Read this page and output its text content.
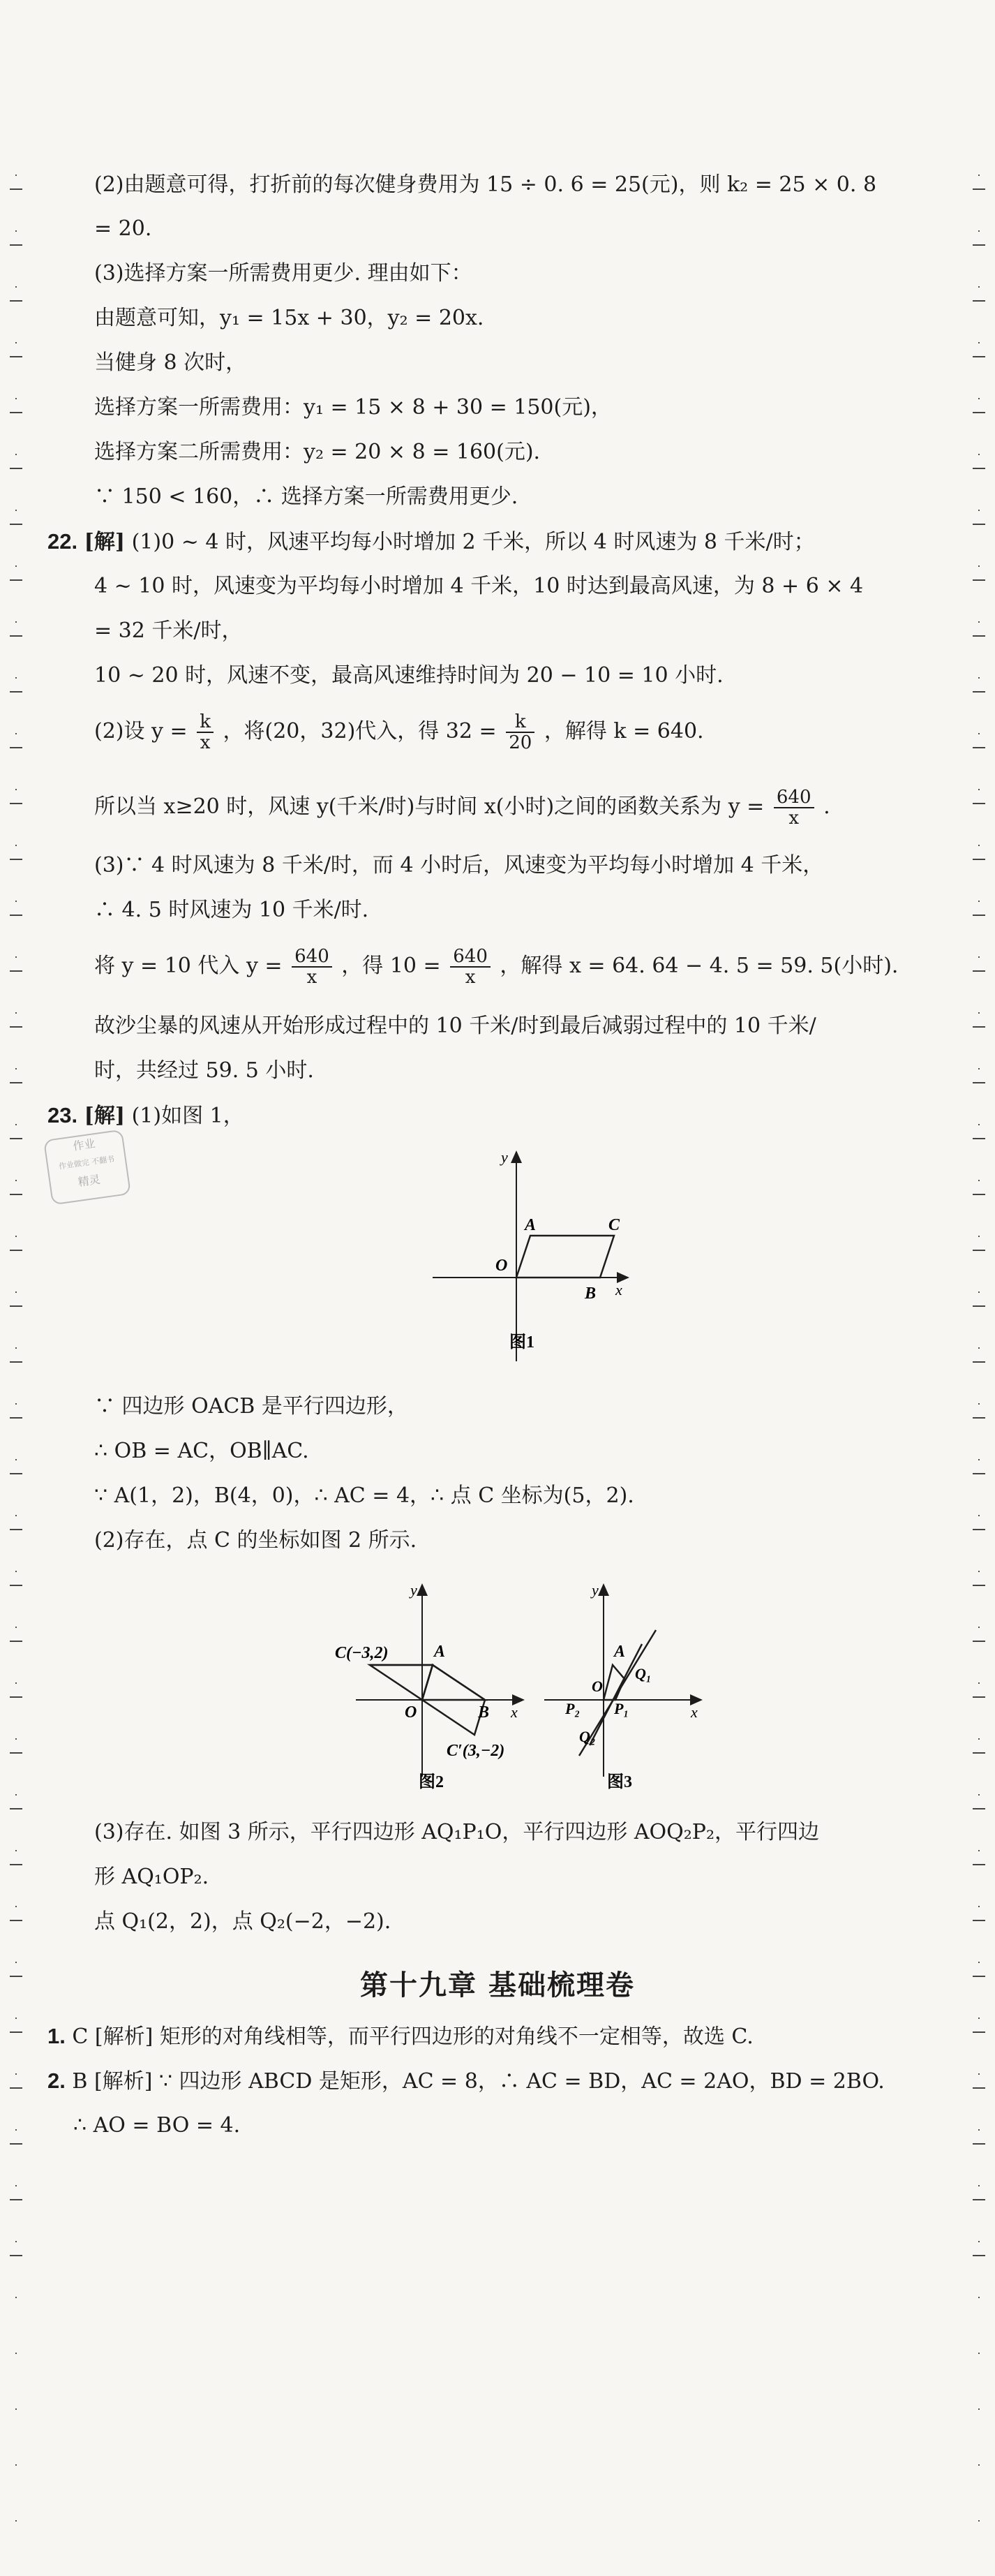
(2)由题意可得，打折前的每次健身费用为 15 ÷ 0. 6 = 25(元)，则 k₂ = 25 × 0. 8
= 20.
(3)选择方案一所需费用更少. 理由如下：
由题意可知，y₁ = 15x + 30，y₂ = 20x.
当健身 8 次时，
选择方案一所需费用：y₁ = 15 × 8 + 30 = 150(元)，
选择方案二所需费用：y₂ = 20 × 8 = 160(元).
∵ 150 < 160，∴ 选择方案一所需费用更少.
22. [解] (1)0 ~ 4 时，风速平均每小时增加 2 千米，所以 4 时风速为 8 千米/时；
4 ~ 10 时，风速变为平均每小时增加 4 千米，10 时达到最高风速，为 8 + 6 × 4
= 32 千米/时，
10 ~ 20 时，风速不变，最高风速维持时间为 20 − 10 = 10 小时.
(2)设 $y = \frac{k}{x}$ ，将(20，32)代入，得 $32 = \frac{k}{20}$ ，解得 k = 640.
所以当 x≥20 时，风速 y(千米/时)与时间 x(小时)之间的函数关系为 $y = \frac{640}{x}$ .
(3)∵ 4 时风速为 8 千米/时，而 4 小时后，风速变为平均每小时增加 4 千米，
∴ 4. 5 时风速为 10 千米/时.
将 y = 10 代入 $y = \frac{640}{x}$ ，得 $10 = \frac{640}{x}$ ，解得 x = 64. 64 − 4. 5 = 59. 5(小时).
故沙尘暴的风速从开始形成过程中的 10 千米/时到最后减弱过程中的 10 千米/
时，共经过 59. 5 小时.
23. [解] (1)如图 1，
作业
作业做完 不翻书
精灵
y
x
O
A	C
B
图1
∵ 四边形 OACB 是平行四边形，
∴ OB = AC，OB∥AC.
∵ A(1，2)，B(4，0)，∴ AC = 4，∴ 点 C 坐标为(5，2).
(2)存在，点 C 的坐标如图 2 所示.
y
x
C(−3,2)	A
O	B
C′(3,−2)
图2
y
x
A
Q₁
O
P₂ P₁
Q₂
图3
(3)存在. 如图 3 所示，平行四边形 AQ₁P₁O，平行四边形 AOQ₂P₂，平行四边
形 AQ₁OP₂.
点 Q₁(2，2)，点 Q₂(−2，−2).
第十九章 基础梳理卷
1. C [解析] 矩形的对角线相等，而平行四边形的对角线不一定相等，故选 C.
2. B [解析] ∵ 四边形 ABCD 是矩形，AC = 8，∴ AC = BD，AC = 2AO，BD = 2BO.
∴ AO = BO = 4.
